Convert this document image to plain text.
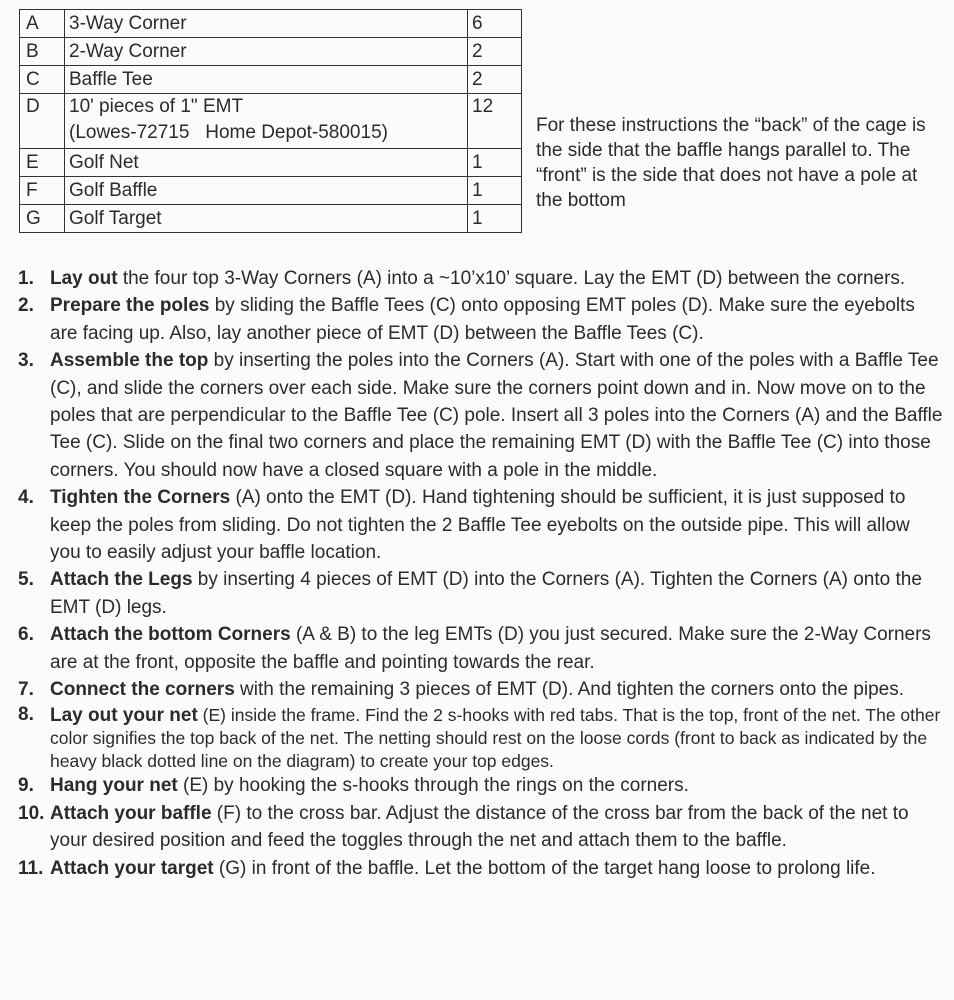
A	3-Way Corner	6
B	2-Way Corner	2
C	Baffle Tee	2
D	10' pieces of 1" EMT
(Lowes-72715   Home Depot-580015)	12
E	Golf Net	1
F	Golf Baffle	1
G	Golf Target	1
For these instructions the “back” of the cage is the side that the baffle hangs parallel to. The “front” is the side that does not have a pole at the bottom
1. Lay out the four top 3-Way Corners (A) into a ~10’x10’ square. Lay the EMT (D) between the corners.
2. Prepare the poles by sliding the Baffle Tees (C) onto opposing EMT poles (D). Make sure the eyebolts are facing up. Also, lay another piece of EMT (D) between the Baffle Tees (C).
3. Assemble the top by inserting the poles into the Corners (A). Start with one of the poles with a Baffle Tee (C), and slide the corners over each side. Make sure the corners point down and in. Now move on to the poles that are perpendicular to the Baffle Tee (C) pole. Insert all 3 poles into the Corners (A) and the Baffle Tee (C). Slide on the final two corners and place the remaining EMT (D) with the Baffle Tee (C) into those corners. You should now have a closed square with a pole in the middle.
4. Tighten the Corners (A) onto the EMT (D). Hand tightening should be sufficient, it is just supposed to keep the poles from sliding. Do not tighten the 2 Baffle Tee eyebolts on the outside pipe. This will allow you to easily adjust your baffle location.
5. Attach the Legs by inserting 4 pieces of EMT (D) into the Corners (A). Tighten the Corners (A) onto the EMT (D) legs.
6. Attach the bottom Corners (A & B) to the leg EMTs (D) you just secured. Make sure the 2-Way Corners are at the front, opposite the baffle and pointing towards the rear.
7. Connect the corners with the remaining 3 pieces of EMT (D). And tighten the corners onto the pipes.
8. Lay out your net (E) inside the frame. Find the 2 s-hooks with red tabs. That is the top, front of the net. The other color signifies the top back of the net. The netting should rest on the loose cords (front to back as indicated by the heavy black dotted line on the diagram) to create your top edges.
9. Hang your net (E) by hooking the s-hooks through the rings on the corners.
10. Attach your baffle (F) to the cross bar. Adjust the distance of the cross bar from the back of the net to your desired position and feed the toggles through the net and attach them to the baffle.
11. Attach your target (G) in front of the baffle. Let the bottom of the target hang loose to prolong life.
